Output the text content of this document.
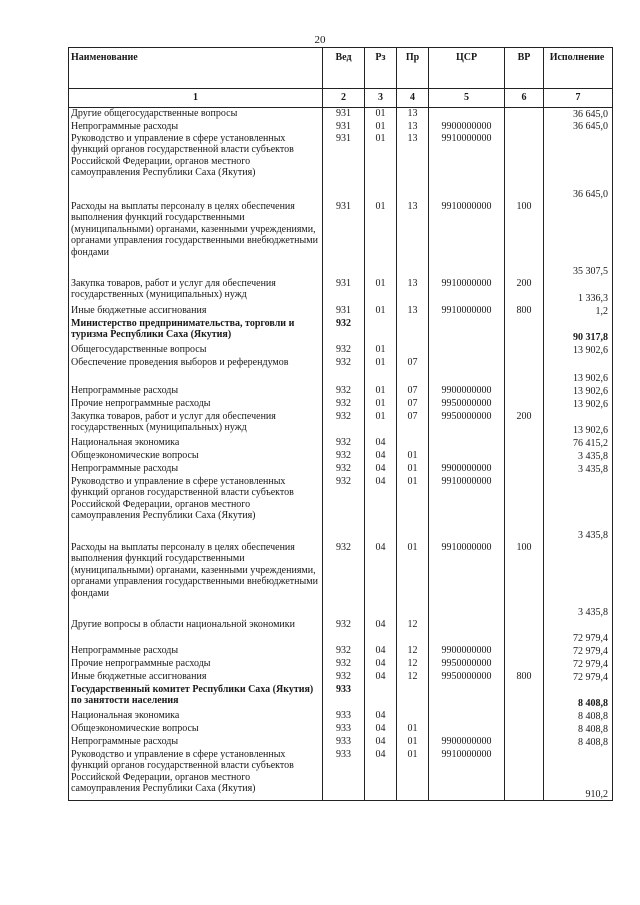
20
Наименование	Вед	Рз	Пр	ЦСР	ВР	Исполнение
1	2	3	4	5	6	7
Другие общегосударственные вопросы	931	01	13			36 645,0
Непрограммные расходы	931	01	13	9900000000		36 645,0
Руководство и управление в сфере установленных функций органов государственной власти субъектов Российской Федерации, органов местного самоуправления Республики Саха (Якутия)	931	01	13	9910000000		36 645,0
Расходы на выплаты персоналу в целях обеспечения выполнения функций государственными (муниципальными) органами, казенными учреждениями, органами управления государственными внебюджетными фондами	931	01	13	9910000000	100	35 307,5
Закупка товаров, работ и услуг для обеспечения государственных (муниципальных) нужд	931	01	13	9910000000	200	1 336,3
Иные бюджетные ассигнования	931	01	13	9910000000	800	1,2
Министерство предпринимательства, торговли и туризма Республики Саха (Якутия)	932					90 317,8
Общегосударственные вопросы	932	01				13 902,6
Обеспечение проведения выборов и референдумов	932	01	07			13 902,6
Непрограммные расходы	932	01	07	9900000000		13 902,6
Прочие непрограммные расходы	932	01	07	9950000000		13 902,6
Закупка товаров, работ и услуг для обеспечения государственных (муниципальных) нужд	932	01	07	9950000000	200	13 902,6
Национальная экономика	932	04				76 415,2
Общеэкономические вопросы	932	04	01			3 435,8
Непрограммные расходы	932	04	01	9900000000		3 435,8
Руководство и управление в сфере установленных функций органов государственной власти субъектов Российской Федерации, органов местного самоуправления Республики Саха (Якутия)	932	04	01	9910000000		3 435,8
Расходы на выплаты персоналу в целях обеспечения выполнения функций государственными (муниципальными) органами, казенными учреждениями, органами управления государственными внебюджетными фондами	932	04	01	9910000000	100	3 435,8
Другие вопросы в области национальной экономики	932	04	12			72 979,4
Непрограммные расходы	932	04	12	9900000000		72 979,4
Прочие непрограммные расходы	932	04	12	9950000000		72 979,4
Иные бюджетные ассигнования	932	04	12	9950000000	800	72 979,4
Государственный комитет Республики Саха (Якутия) по занятости населения	933					8 408,8
Национальная экономика	933	04				8 408,8
Общеэкономические вопросы	933	04	01			8 408,8
Непрограммные расходы	933	04	01	9900000000		8 408,8
Руководство и управление в сфере установленных функций органов государственной власти субъектов Российской Федерации, органов местного самоуправления Республики Саха (Якутия)	933	04	01	9910000000		910,2
